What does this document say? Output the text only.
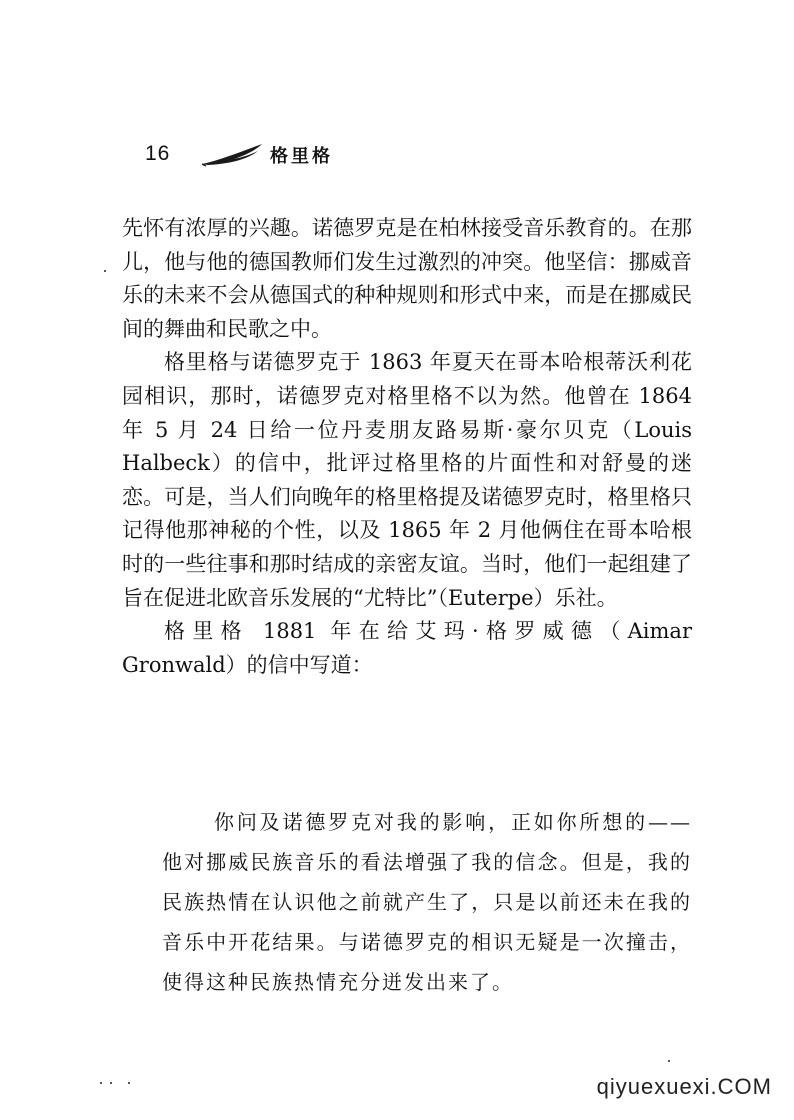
16	格里格

先怀有浓厚的兴趣。诺德罗克是在柏林接受音乐教育的。在那儿，他与他的德国教师们发生过激烈的冲突。他坚信：挪威音乐的未来不会从德国式的种种规则和形式中来，而是在挪威民间的舞曲和民歌之中。

格里格与诺德罗克于 1863 年夏天在哥本哈根蒂沃利花园相识，那时，诺德罗克对格里格不以为然。他曾在 1864 年 5 月 24 日给一位丹麦朋友路易斯·豪尔贝克（Louis Halbeck）的信中，批评过格里格的片面性和对舒曼的迷恋。可是，当人们向晚年的格里格提及诺德罗克时，格里格只记得他那神秘的个性，以及 1865 年 2 月他俩住在哥本哈根时的一些往事和那时结成的亲密友谊。当时，他们一起组建了旨在促进北欧音乐发展的“尤特比”（Euterpe）乐社。

格里格 1881 年在给艾玛·格罗威德（Aimar Gronwald）的信中写道：

你问及诺德罗克对我的影响，正如你所想的——他对挪威民族音乐的看法增强了我的信念。但是，我的民族热情在认识他之前就产生了，只是以前还未在我的音乐中开花结果。与诺德罗克的相识无疑是一次撞击，使得这种民族热情充分迸发出来了。

qiyuexuexi.COM
